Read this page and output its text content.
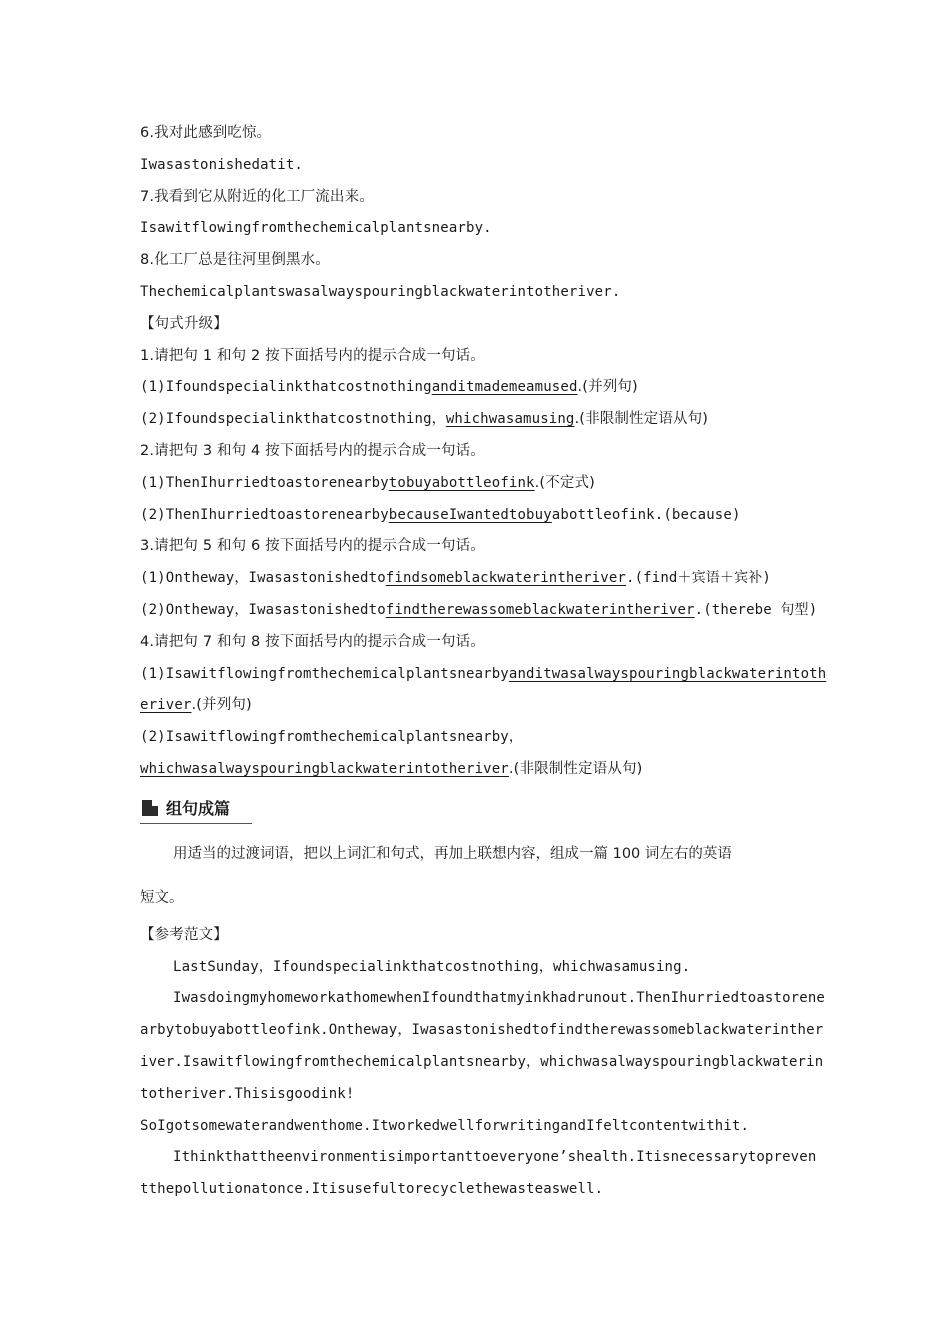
6.我对此感到吃惊。
Iwasastonishedatit.
7.我看到它从附近的化工厂流出来。
Isawitflowingfromthechemicalplantsnearby.
8.化工厂总是往河里倒黑水。
Thechemicalplantswasalwayspouringblackwaterintotheriver.
【句式升级】
1.请把句 1 和句 2 按下面括号内的提示合成一句话。
(1)Ifoundspecialinkthatcostnothinganditmademeamused.(并列句)
(2)Ifoundspecialinkthatcostnothing，whichwasamusing.(非限制性定语从句)
2.请把句 3 和句 4 按下面括号内的提示合成一句话。
(1)ThenIhurriedtoastorenearbytobuyabottleofink.(不定式)
(2)ThenIhurriedtoastorenearbybecauseIwantedtobuyabottleofink.(because)
3.请把句 5 和句 6 按下面括号内的提示合成一句话。
(1)Ontheway，Iwasastonishedtofindsomeblackwaterintheriver.(find＋宾语＋宾补)
(2)Ontheway，Iwasastonishedtofindtherewassomeblackwaterintheriver.(therebe 句型)
4.请把句 7 和句 8 按下面括号内的提示合成一句话。
(1)Isawitflowingfromthechemicalplantsnearbyanditwasalwayspouringblackwaterintoth
eriver.(并列句)
(2)Isawitflowingfromthechemicalplantsnearby，
whichwasalwayspouringblackwaterintotheriver.(非限制性定语从句)
组句成篇
用适当的过渡词语，把以上词汇和句式，再加上联想内容，组成一篇 100 词左右的英语
短文。
【参考范文】
LastSunday，Ifoundspecialinkthatcostnothing，whichwasamusing.
IwasdoingmyhomeworkathomewhenIfoundthatmyinkhadrunout.ThenIhurriedtoastorene
arbytobuyabottleofink.Ontheway，Iwasastonishedtofindtherewassomeblackwaterinther
iver.Isawitflowingfromthechemicalplantsnearby，whichwasalwayspouringblackwaterin
totheriver.Thisisgoodink!
SoIgotsomewaterandwenthome.ItworkedwellforwritingandIfeltcontentwithit.
Ithinkthattheenvironmentisimportanttoeveryone’shealth.Itisnecessarytopreven
tthepollutionatonce.Itisusefultorecyclethewasteaswell.
